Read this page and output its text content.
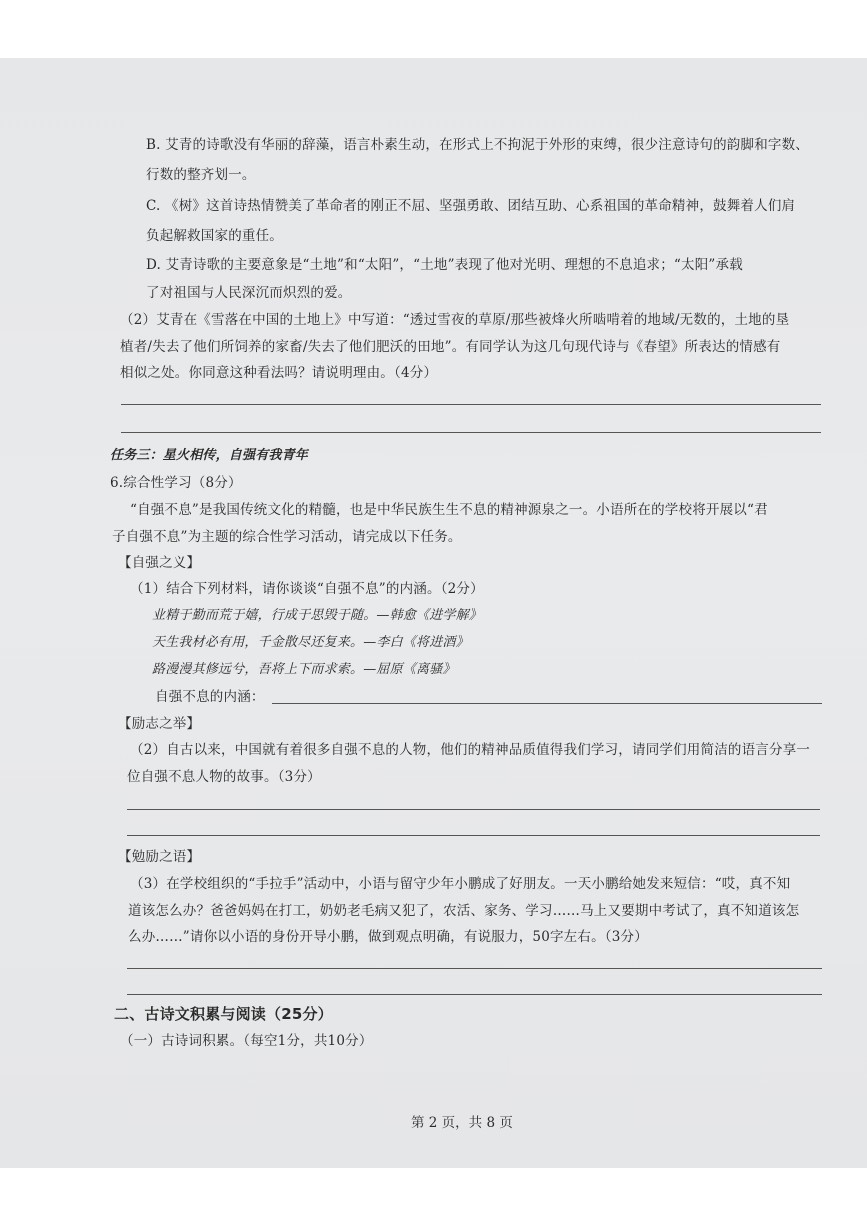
B. 艾青的诗歌没有华丽的辞藻，语言朴素生动，在形式上不拘泥于外形的束缚，很少注意诗句的韵脚和字数、
行数的整齐划一。
C. 《树》这首诗热情赞美了革命者的刚正不屈、坚强勇敢、团结互助、心系祖国的革命精神，鼓舞着人们肩
负起解救国家的重任。
D. 艾青诗歌的主要意象是“土地”和“太阳”，“土地”表现了他对光明、理想的不息追求；“太阳”承载
了对祖国与人民深沉而炽烈的爱。
（2）艾青在《雪落在中国的土地上》中写道：“透过雪夜的草原/那些被烽火所啮啃着的地域/无数的，土地的垦
植者/失去了他们所饲养的家畜/失去了他们肥沃的田地”。有同学认为这几句现代诗与《春望》所表达的情感有
相似之处。你同意这种看法吗？请说明理由。（4分）
任务三：星火相传，自强有我青年
6.综合性学习（8分）
“自强不息”是我国传统文化的精髓，也是中华民族生生不息的精神源泉之一。小语所在的学校将开展以“君
子自强不息”为主题的综合性学习活动，请完成以下任务。
【自强之义】
（1）结合下列材料，请你谈谈“自强不息”的内涵。（2分）
业精于勤而荒于嬉，行成于思毁于随。—韩愈《进学解》
天生我材必有用，千金散尽还复来。—李白《将进酒》
路漫漫其修远兮，吾将上下而求索。—屈原《离骚》
自强不息的内涵：
【励志之举】
（2）自古以来，中国就有着很多自强不息的人物，他们的精神品质值得我们学习，请同学们用简洁的语言分享一
位自强不息人物的故事。（3分）
【勉励之语】
（3）在学校组织的“手拉手”活动中，小语与留守少年小鹏成了好朋友。一天小鹏给她发来短信：“哎，真不知
道该怎么办？爸爸妈妈在打工，奶奶老毛病又犯了，农活、家务、学习……马上又要期中考试了，真不知道该怎
么办……”请你以小语的身份开导小鹏，做到观点明确，有说服力，50字左右。（3分）
二、古诗文积累与阅读（25分）
（一）古诗词积累。（每空1分，共10分）
第 2 页，共 8 页
